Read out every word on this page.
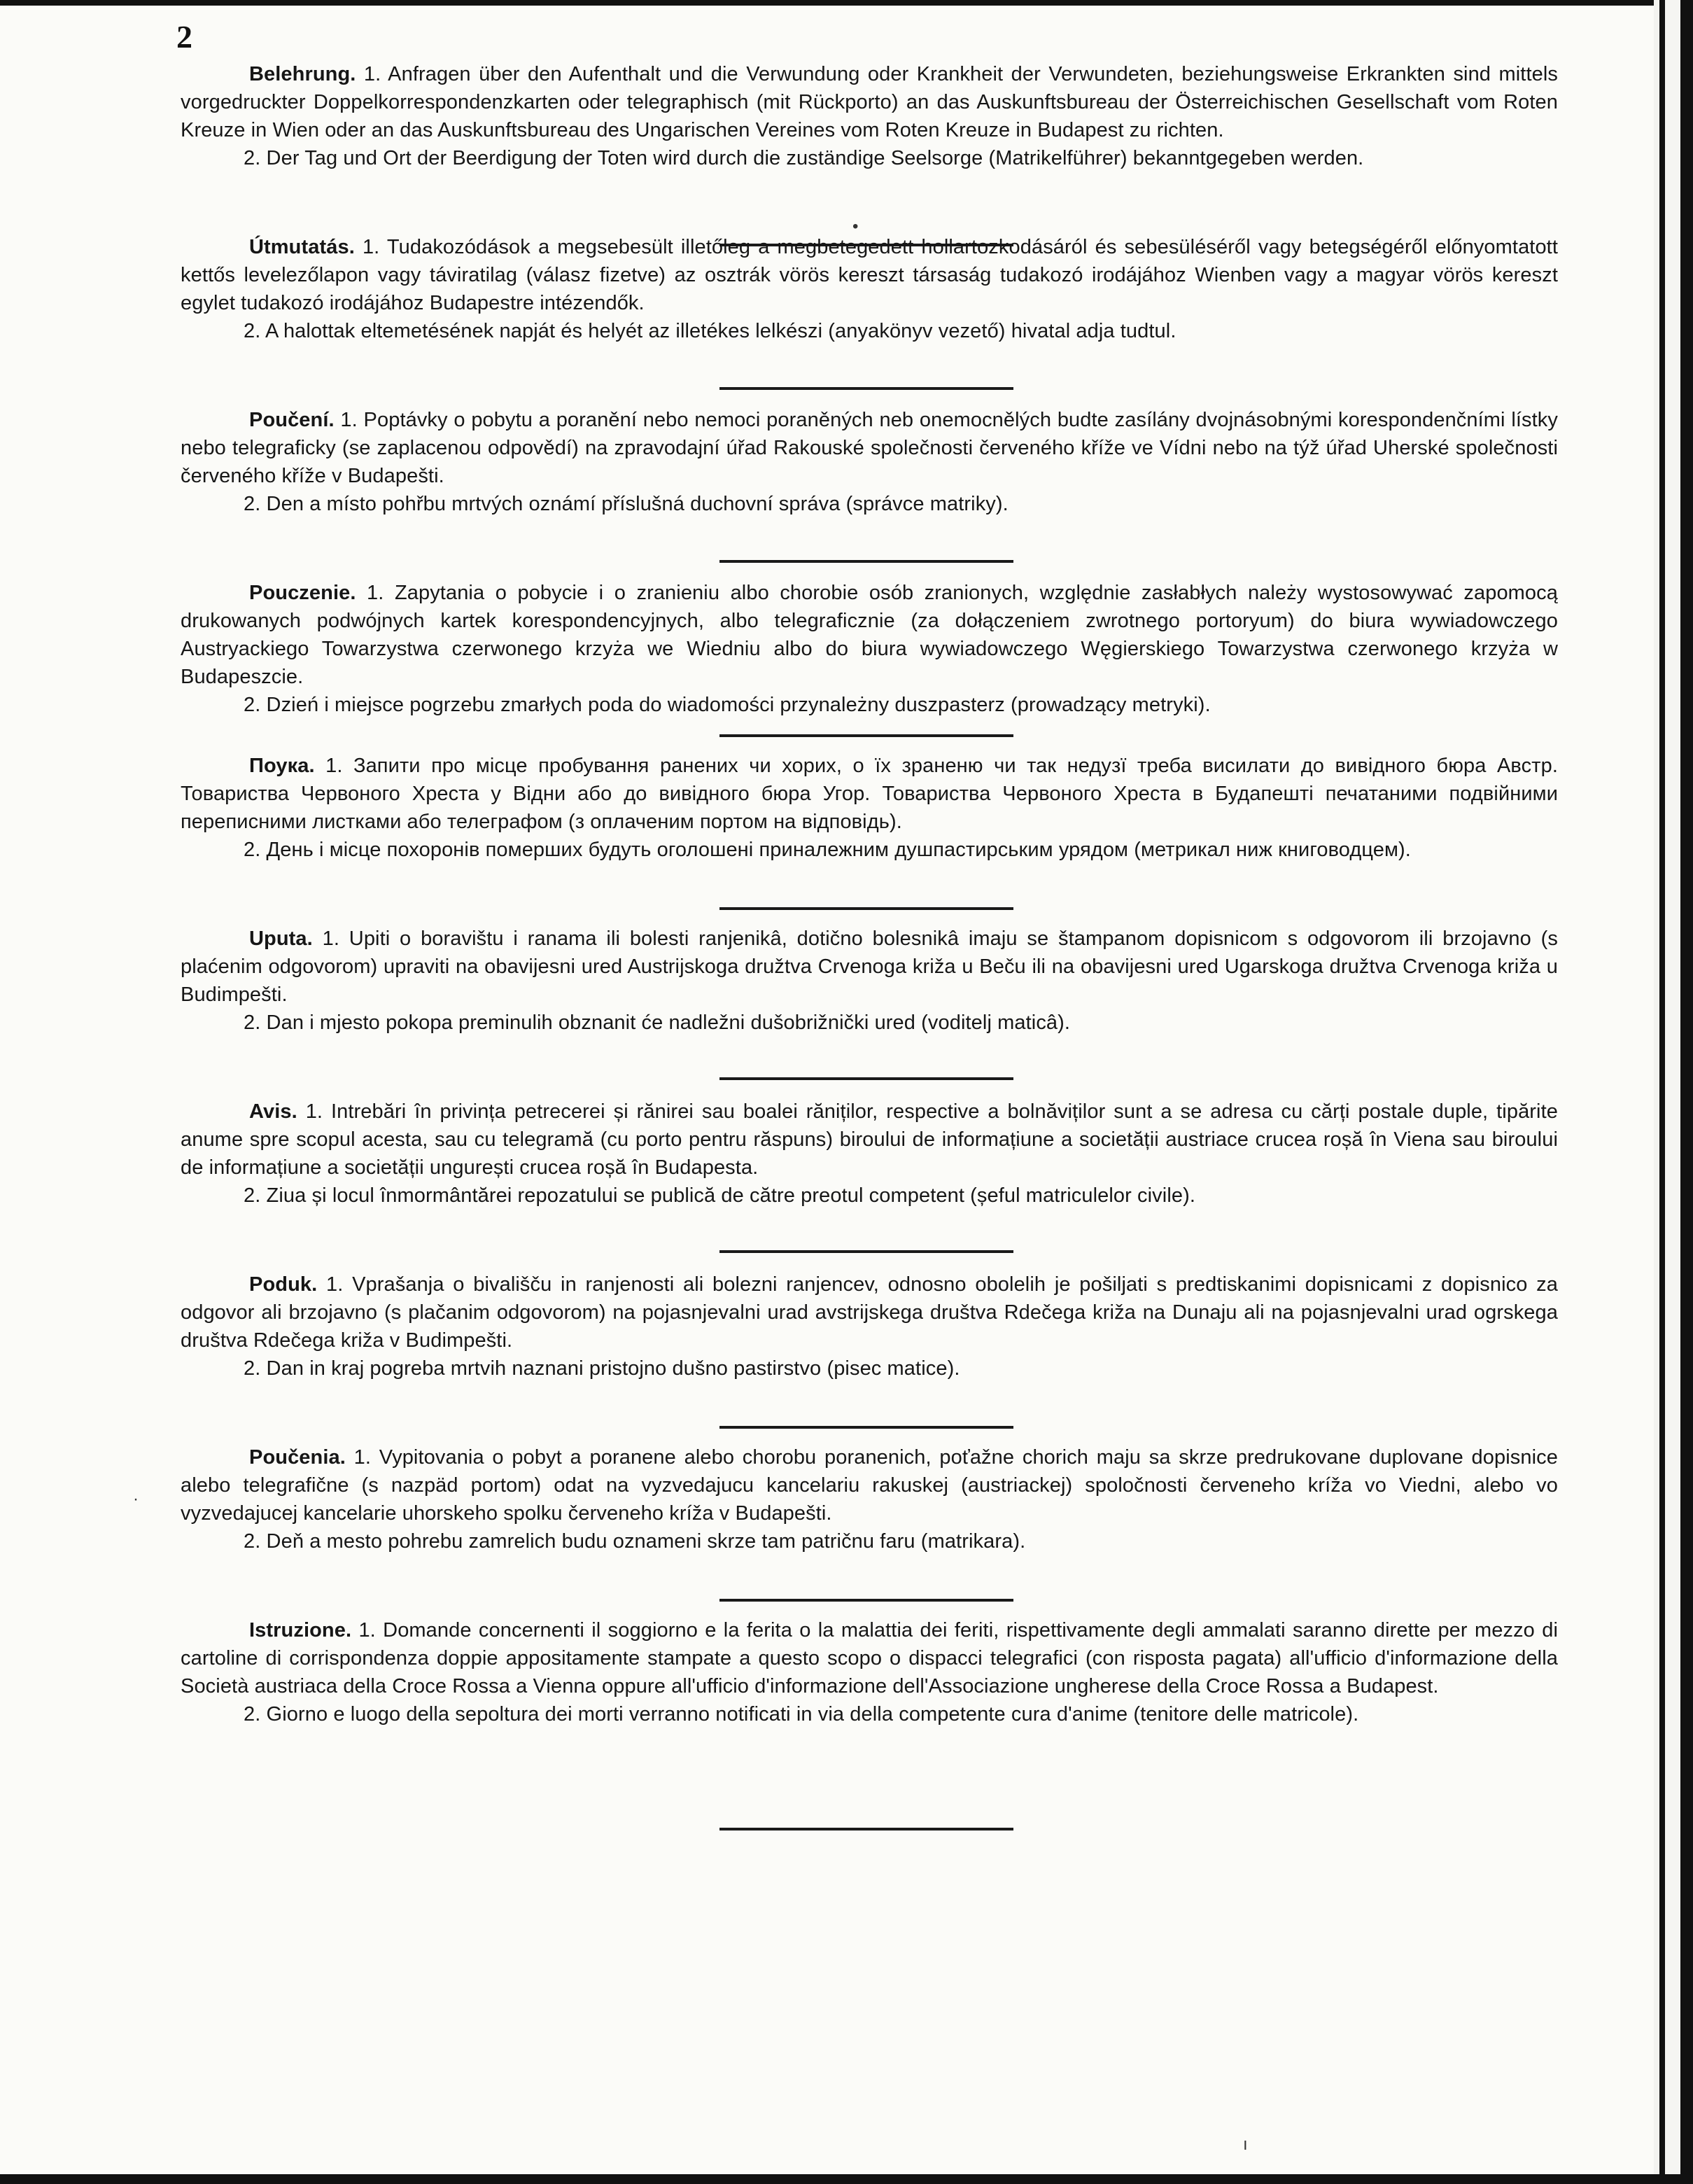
2

Belehrung. 1. Anfragen über den Aufenthalt und die Verwundung oder Krankheit der Verwundeten, beziehungsweise Erkrankten sind mittels vorgedruckter Doppelkorrespondenzkarten oder telegraphisch (mit Rückporto) an das Auskunftsbureau der Österreichischen Gesellschaft vom Roten Kreuze in Wien oder an das Auskunftsbureau des Ungarischen Vereines vom Roten Kreuze in Budapest zu richten.

2. Der Tag und Ort der Beerdigung der Toten wird durch die zuständige Seelsorge (Matrikelführer) bekanntgegeben werden.

Útmutatás. 1. Tudakozódások a megsebesült illetőleg a megbetegedett hollartozkodásáról és sebesüléséről vagy betegségéről előnyomtatott kettős levelezőlapon vagy táviratilag (válasz fizetve) az osztrák vörös kereszt társaság tudakozó irodájához Wienben vagy a magyar vörös kereszt egylet tudakozó irodájához Budapestre intézendők.

2. A halottak eltemetésének napját és helyét az illetékes lelkészi (anyakönyv vezető) hivatal adja tudtul.

Poučení. 1. Poptávky o pobytu a poranění nebo nemoci poraněných neb onemocnělých budte zasílány dvojnásobnými korespondenčními lístky nebo telegraficky (se zaplacenou odpovědí) na zpravodajní úřad Rakouské společnosti červeného kříže ve Vídni nebo na týž úřad Uherské společnosti červeného kříže v Budapešti.

2. Den a místo pohřbu mrtvých oznámí příslušná duchovní správa (správce matriky).

Pouczenie. 1. Zapytania o pobycie i o zranieniu albo chorobie osób zranionych, względnie zasłabłych należy wystosowywać zapomocą drukowanych podwójnych kartek korespondencyjnych, albo telegraficznie (za dołączeniem zwrotnego portoryum) do biura wywiadowczego Austryackiego Towarzystwa czerwonego krzyża we Wiedniu albo do biura wywiadowczego Węgierskiego Towarzystwa czerwonego krzyża w Budapeszcie.

2. Dzień i miejsce pogrzebu zmarłych poda do wiadomości przynależny duszpasterz (prowadzący metryki).

Поука. 1. Запити про місце пробування ранених чи хорих, о їх зраненю чи так недузї треба висилати до вивідного бюра Австр. Товариства Червоного Хреста у Відни або до вивідного бюра Угор. Товариства Червоного Хреста в Будапешті печатаними подвійними переписними листками або телеграфом (з оплаченим портом на відповідь).

2. День і місце похоронів померших будуть оголошені приналежним душпастирським урядом (метрикал ниж книговодцем).

Uputa. 1. Upiti o boravištu i ranama ili bolesti ranjenikâ, dotično bolesnikâ imaju se štampanom dopisnicom s odgovorom ili brzojavno (s plaćenim odgovorom) upraviti na obavijesni ured Austrijskoga družtva Crvenoga križa u Beču ili na obavijesni ured Ugarskoga družtva Crvenoga križa u Budimpešti.

2. Dan i mjesto pokopa preminulih obznanit će nadležni dušobrižnički ured (voditelj maticâ).

Avis. 1. Intrebări în privința petrecerei și rănirei sau boalei răniților, respective a bolnăviților sunt a se adresa cu cărți postale duple, tipărite anume spre scopul acesta, sau cu telegramă (cu porto pentru răspuns) biroului de informațiune a societății austriace crucea roșă în Viena sau biroului de informațiune a societății ungurești crucea roșă în Budapesta.

2. Ziua și locul înmormântărei repozatului se publică de către preotul competent (șeful matriculelor civile).

Poduk. 1. Vprašanja o bivališču in ranjenosti ali bolezni ranjencev, odnosno obolelih je pošiljati s predtiskanimi dopisnicami z dopisnico za odgovor ali brzojavno (s plačanim odgovorom) na pojasnjevalni urad avstrijskega društva Rdečega križa na Dunaju ali na pojasnjevalni urad ogrskega društva Rdečega križa v Budimpešti.

2. Dan in kraj pogreba mrtvih naznani pristojno dušno pastirstvo (pisec matice).

Poučenia. 1. Vypitovania o pobyt a poranene alebo chorobu poranenich, poťažne chorich maju sa skrze predrukovane duplovane dopisnice alebo telegrafične (s nazpäd portom) odat na vyzvedajucu kancelariu rakuskej (austriackej) spoločnosti červeneho kríža vo Viedni, alebo vo vyzvedajucej kancelarie uhorskeho spolku červeneho kríža v Budapešti.

2. Deň a mesto pohrebu zamrelich budu oznameni skrze tam patričnu faru (matrikara).

Istruzione. 1. Domande concernenti il soggiorno e la ferita o la malattia dei feriti, rispettivamente degli ammalati saranno dirette per mezzo di cartoline di corrispondenza doppie appositamente stampate a questo scopo o dispacci telegrafici (con risposta pagata) all'ufficio d'informazione della Società austriaca della Croce Rossa a Vienna oppure all'ufficio d'informazione dell'Associazione ungherese della Croce Rossa a Budapest.

2. Giorno e luogo della sepoltura dei morti verranno notificati in via della competente cura d'anime (tenitore delle matricole).

•
·
ı
